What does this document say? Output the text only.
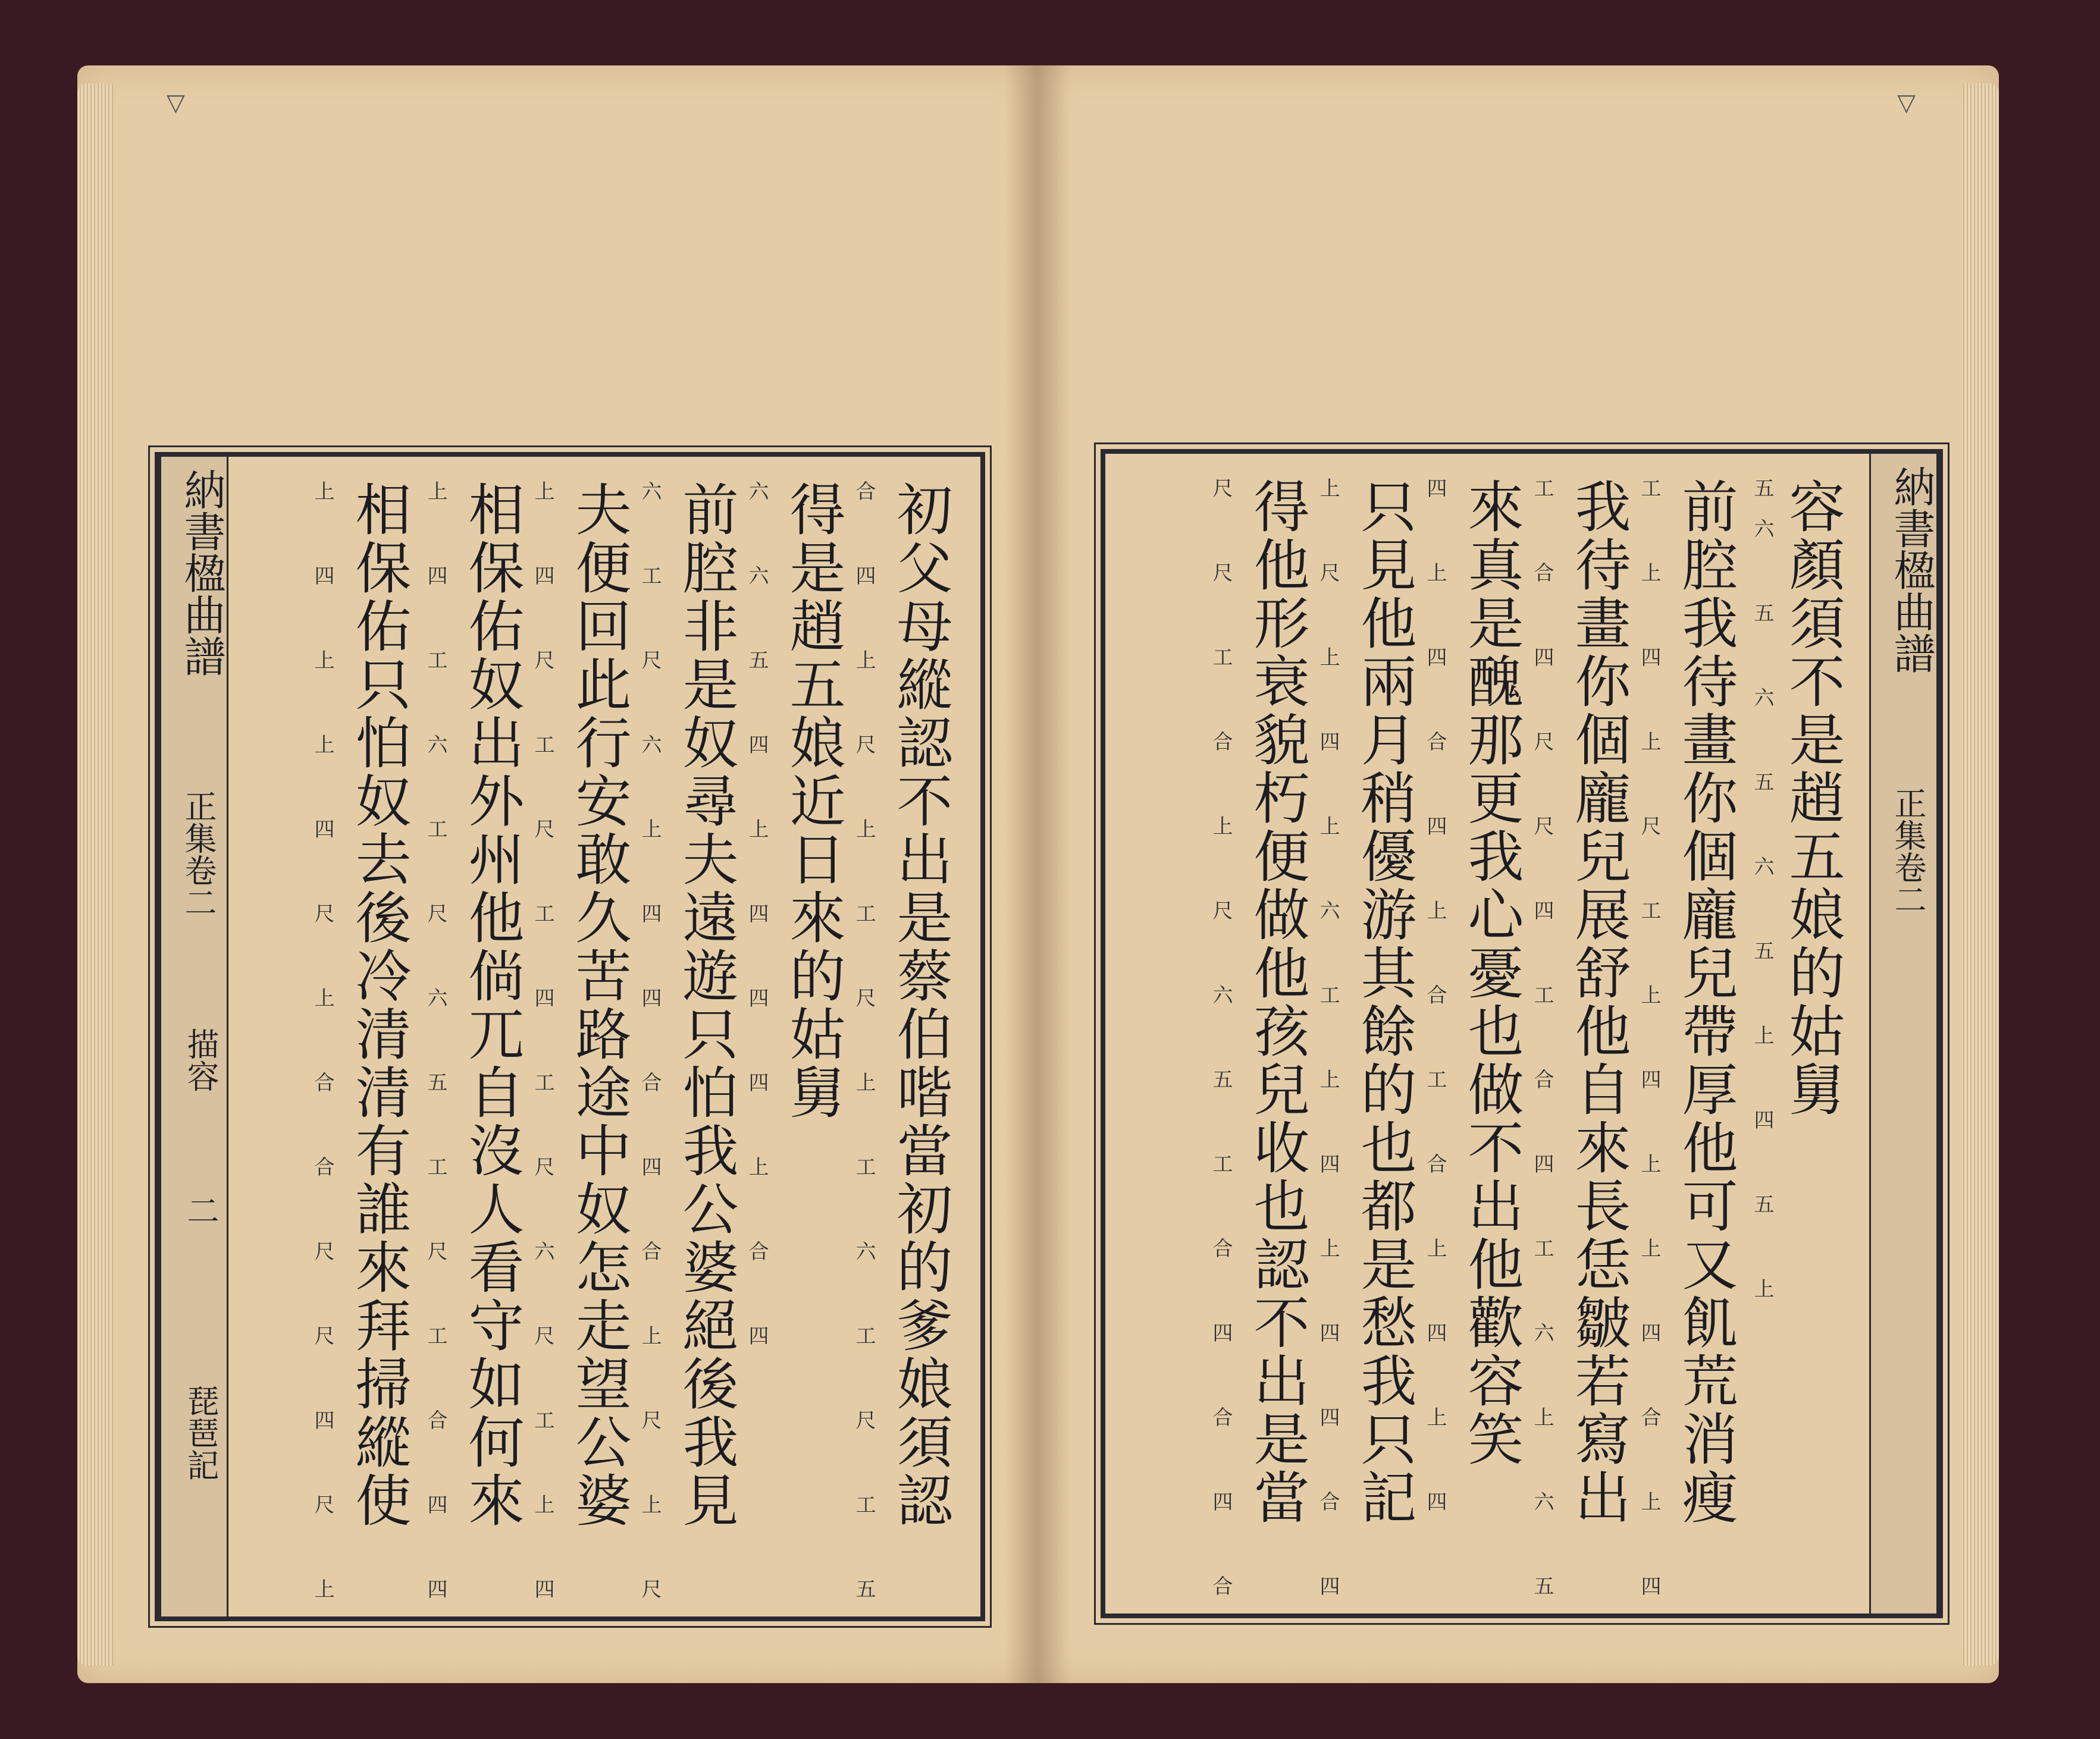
▽
納書楹曲譜
正集卷二
描容
二
琵琶記	初父母縱認不出是蔡伯喈當初的爹娘須認
合 四 上 尺 上 工 尺 上 工 六 工 尺 工 五
得是趙五娘近日來的姑舅
六 六 五 四 上 四 四 四 上 合 四
前腔非是奴尋夫遠遊只怕我公婆絕後我見
六 工 尺 六 上 四 四 合 四 合 上 尺 上 尺
夫便回此行安敢久苦路途中奴怎走望公婆
上 四 尺 工 尺 工 四 工 尺 六 尺 工 上 四
相保佑奴出外州他倘兀自沒人看守如何來
上 四 工 六 工 尺 六 五 工 尺 工 合 四 四
相保佑只怕奴去後冷清清有誰來拜掃縱使
上 四 上 上 四 尺 上 合 合 尺 尺 四 尺 上
▽
納書楹曲譜
正集卷二
容顏須不是趙五娘的姑舅
五六 五 六 五 六 五 上 四 五 上
前腔我待畫你個龐兒帶厚他可又飢荒消瘦
工 上 四 上 尺 工 上 四 上 上 四 合 上 四
我待畫你個龐兒展舒他自來長恁皺若寫出
工 合 四 尺 尺 四 工 合 四 工 六 上 六 五
來真是醜那更我心憂也做不出他歡容笑
四 上 四 合 四 上 合 工 合 上 四 上 四
只見他兩月稍優游其餘的也都是愁我只記
上 尺 上 四 上 六 工 上 四 上 四 四 合 四
得他形衰貌朽便做他孩兒收也認不出是當
尺 尺 工 合 上 尺 六 五 工 合 四 合 四 合
